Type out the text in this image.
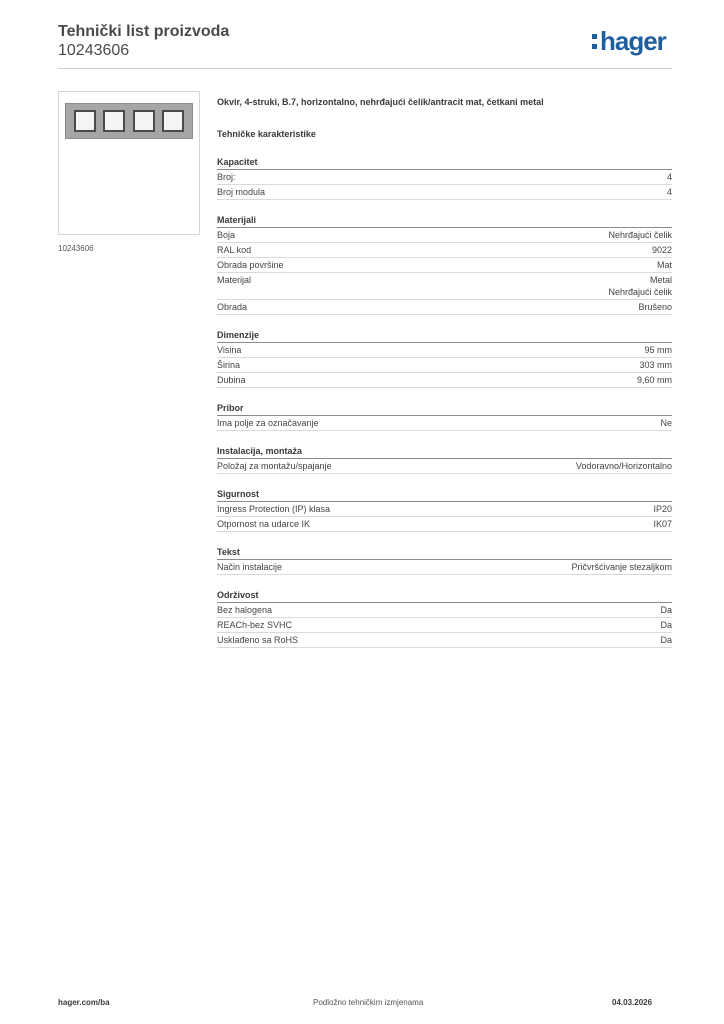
Tehnički list proizvoda
10243606	hager
10243606
Okvir, 4-struki, B.7, horizontalno, nehrđajući čelik/antracit mat, četkani metal
Tehničke karakteristike
Kapacitet
Broj:	4
Broj modula	4
Materijali
Boja	Nehrđajući čelik
RAL kod	9022
Obrada površine	Mat
Materijal	Metal
Nehrđajući čelik
Obrada	Brušeno
Dimenzije
Visina	95 mm
Širina	303 mm
Dubina	9,60 mm
Pribor
Ima polje za označavanje	Ne
Instalacija, montaža
Položaj za montažu/spajanje	Vodoravno/Horizontalno
Sigurnost
Ingress Protection (IP) klasa	IP20
Otpornost na udarce IK	IK07
Tekst
Način instalacije	Pričvršćivanje stezaljkom
Održivost
Bez halogena	Da
REACh-bez SVHC	Da
Usklađeno sa RoHS	Da
hager.com/ba	Podložno tehničkim izmjenama	04.03.2026
